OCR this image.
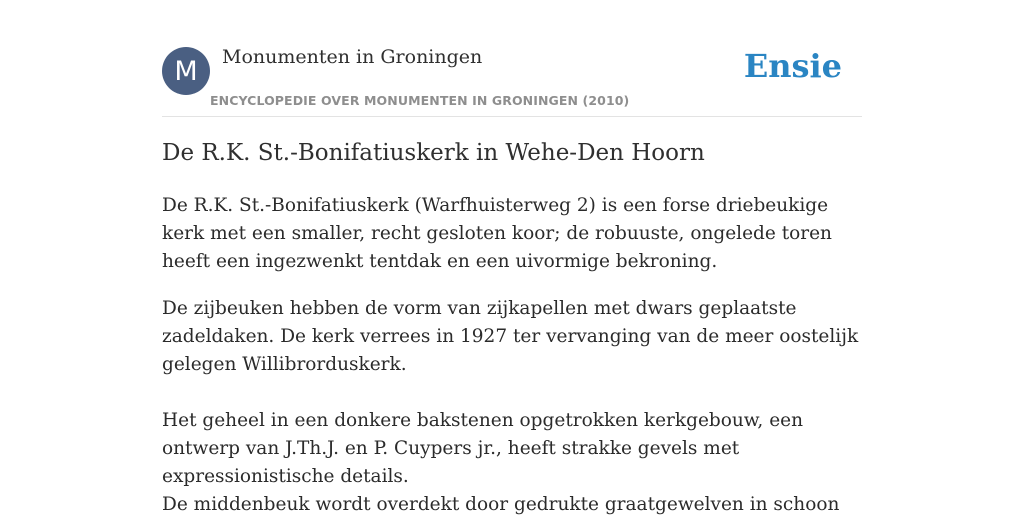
M	Monumenten in Groningen
ENCYCLOPEDIE OVER MONUMENTEN IN GRONINGEN (2010)
Ensie
De R.K. St.-Bonifatiuskerk in Wehe-Den Hoorn

De R.K. St.-Bonifatiuskerk (Warfhuisterweg 2) is een forse driebeukige kerk met een smaller, recht gesloten koor; de robuuste, ongelede toren heeft een ingezwenkt tentdak en een uivormige bekroning.

De zijbeuken hebben de vorm van zijkapellen met dwars geplaatste zadeldaken. De kerk verrees in 1927 ter vervanging van de meer oostelijk gelegen Willibrorduskerk.

Het geheel in een donkere bakstenen opgetrokken kerkgebouw, een ontwerp van J.Th.J. en P. Cuypers jr., heeft strakke gevels met expressionistische details.

De middenbeuk wordt overdekt door gedrukte graatgewelven in schoon
